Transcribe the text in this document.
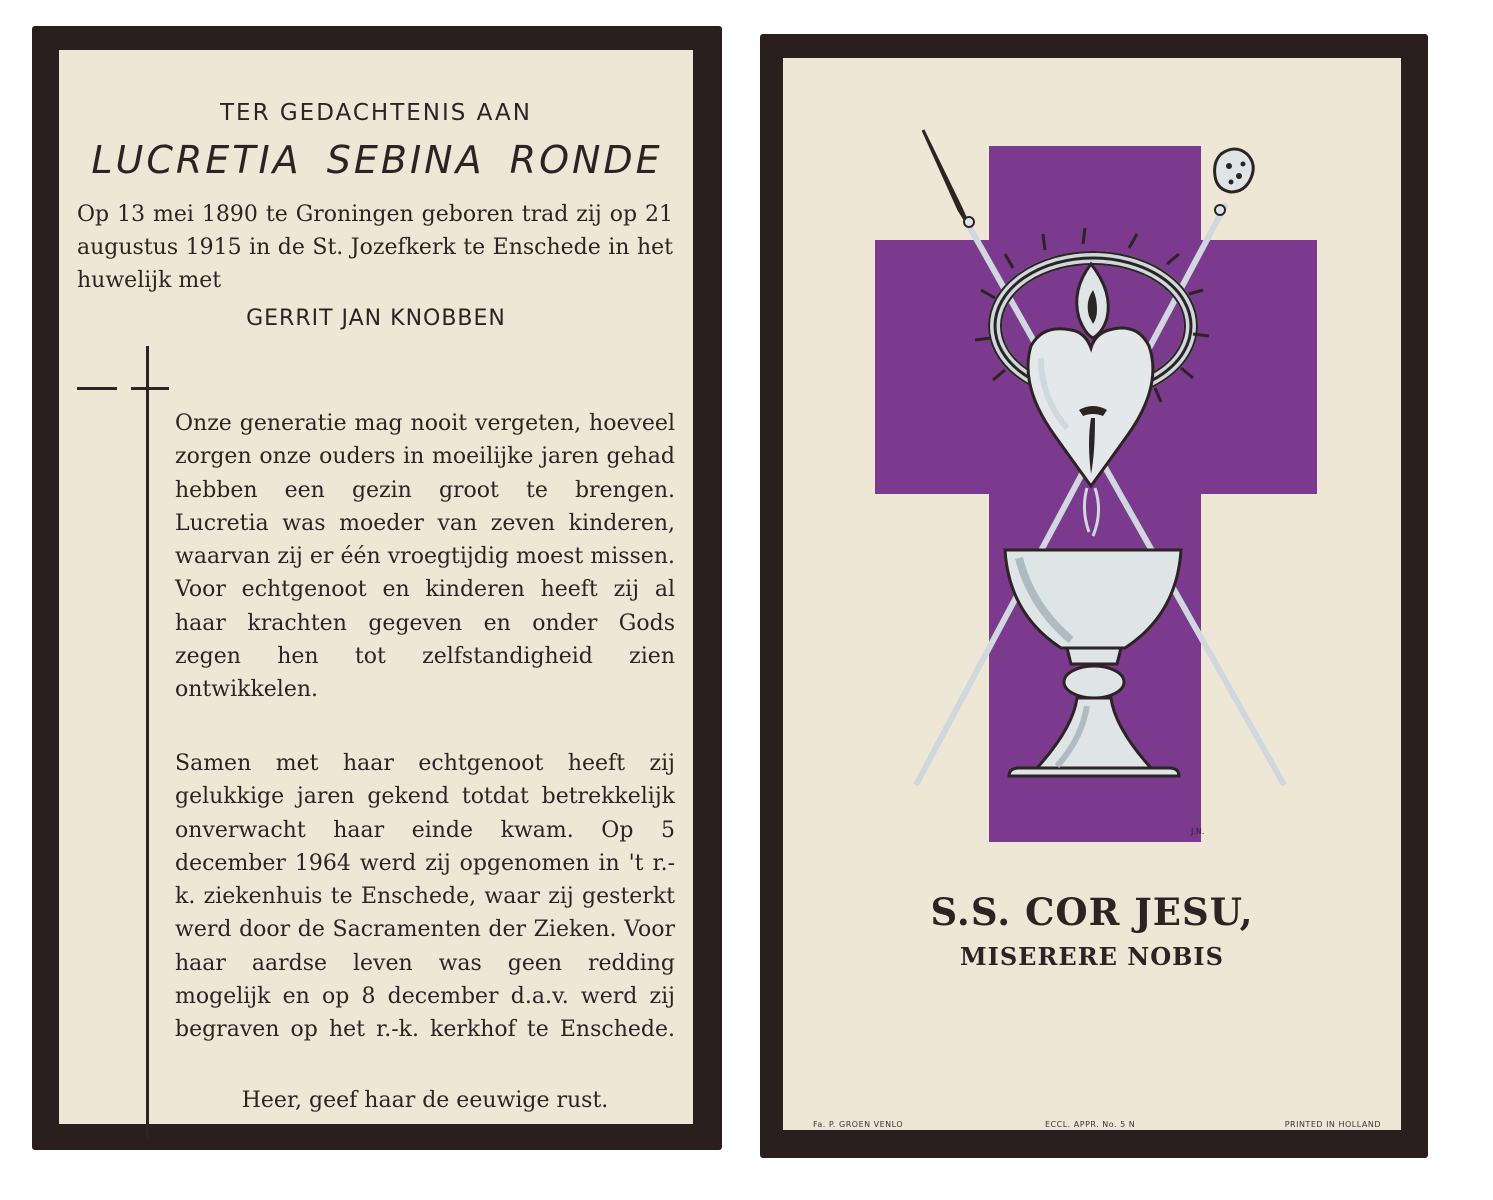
TER GEDACHTENIS AAN
LUCRETIA SEBINA RONDE
Op 13 mei 1890 te Groningen geboren trad zij op 21 augustus 1915 in de St. Jozefkerk te Enschede in het huwelijk met
GERRIT JAN KNOBBEN
Onze generatie mag nooit vergeten, hoeveel zorgen onze ouders in moeilijke jaren gehad hebben een gezin groot te brengen. Lucretia was moeder van zeven kinderen, waarvan zij er één vroegtijdig moest missen. Voor echtgenoot en kinderen heeft zij al haar krachten gegeven en onder Gods zegen hen tot zelfstandigheid zien ontwikkelen.
Samen met haar echtgenoot heeft zij gelukkige jaren gekend totdat betrekkelijk onverwacht haar einde kwam. Op 5 december 1964 werd zij opgenomen in 't r.-k. ziekenhuis te Enschede, waar zij gesterkt werd door de Sacramenten der Zieken. Voor haar aardse leven was geen redding mogelijk en op 8 december d.a.v. werd zij begraven op het r.-k. kerkhof te Enschede.
Heer, geef haar de eeuwige rust.
J.N.
S.S. COR JESU,
MISERERE NOBIS
Fa. P. GROEN VENLO	ECCL. APPR. No. 5 N	PRINTED IN HOLLAND
